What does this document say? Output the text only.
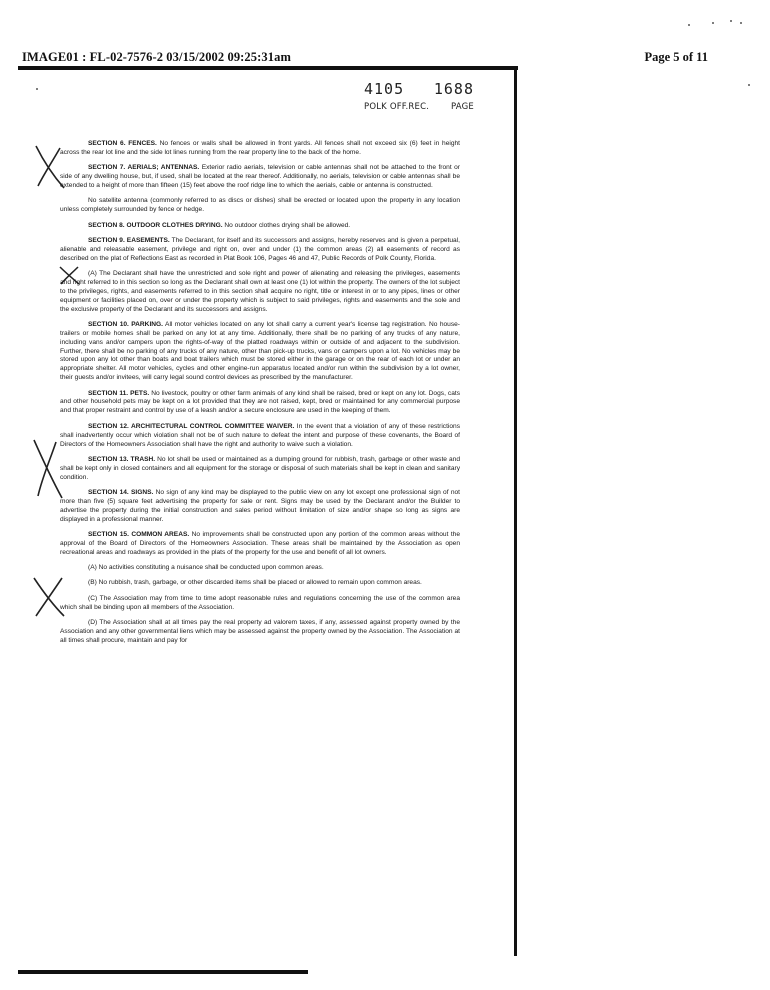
IMAGE01 : FL-02-7576-2 03/15/2002 09:25:31am	Page 5 of 11
4105 1688
POLK OFF.REC.	PAGE

SECTION 6. FENCES. No fences or walls shall be allowed in front yards. All fences shall not exceed six (6) feet in height across the rear lot line and the side lot lines running from the rear property line to the back of the home.

SECTION 7. AERIALS; ANTENNAS. Exterior radio aerials, television or cable antennas shall not be attached to the front or side of any dwelling house, but, if used, shall be located at the rear thereof. Additionally, no aerials, television or cable antennas shall be extended to a height of more than fifteen (15) feet above the roof ridge line to which the aerials, cable or antenna is constructed.

No satellite antenna (commonly referred to as discs or dishes) shall be erected or located upon the property in any location unless completely surrounded by fence or hedge.

SECTION 8. OUTDOOR CLOTHES DRYING. No outdoor clothes drying shall be allowed.

SECTION 9. EASEMENTS. The Declarant, for itself and its successors and assigns, hereby reserves and is given a perpetual, alienable and releasable easement, privilege and right on, over and under (1) the common areas (2) all easements of record as described on the plat of Reflections East as recorded in Plat Book 106, Pages 46 and 47, Public Records of Polk County, Florida.

(A) The Declarant shall have the unrestricted and sole right and power of alienating and releasing the privileges, easements and right referred to in this section so long as the Declarant shall own at least one (1) lot within the property. The owners of the lot subject to the privileges, rights, and easements referred to in this section shall acquire no right, title or interest in or to any pipes, lines or other equipment or facilities placed on, over or under the property which is subject to said privileges, rights and easements and the sole and the exclusive property of the Declarant and its successors and assigns.

SECTION 10. PARKING. All motor vehicles located on any lot shall carry a current year's license tag registration. No house-trailers or mobile homes shall be parked on any lot at any time. Additionally, there shall be no parking of any trucks of any nature, including vans and/or campers upon the rights-of-way of the platted roadways within or outside of and adjacent to the subdivision. Further, there shall be no parking of any trucks of any nature, other than pick-up trucks, vans or campers upon a lot. No vehicles may be stored upon any lot other than boats and boat trailers which must be stored either in the garage or on the rear of each lot or under an appropriate shelter. All motor vehicles, cycles and other engine-run apparatus located and/or run within the subdivision by a lot owner, their guests and/or invitees, will carry legal sound control devices as prescribed by the manufacturer.

SECTION 11. PETS. No livestock, poultry or other farm animals of any kind shall be raised, bred or kept on any lot. Dogs, cats and other household pets may be kept on a lot provided that they are not raised, kept, bred or maintained for any commercial purpose and that proper restraint and control by use of a leash and/or a secure enclosure are used in the keeping of them.

SECTION 12. ARCHITECTURAL CONTROL COMMITTEE WAIVER. In the event that a violation of any of these restrictions shall inadvertently occur which violation shall not be of such nature to defeat the intent and purpose of these covenants, the Board of Directors of the Homeowners Association shall have the right and authority to waive such a violation.

SECTION 13. TRASH. No lot shall be used or maintained as a dumping ground for rubbish, trash, garbage or other waste and shall be kept only in closed containers and all equipment for the storage or disposal of such materials shall be kept in clean and sanitary condition.

SECTION 14. SIGNS. No sign of any kind may be displayed to the public view on any lot except one professional sign of not more than five (5) square feet advertising the property for sale or rent. Signs may be used by the Declarant and/or the Builder to advertise the property during the initial construction and sales period without limitation of size and/or shape so long as signs are displayed in a professional manner.

SECTION 15. COMMON AREAS. No improvements shall be constructed upon any portion of the common areas without the approval of the Board of Directors of the Homeowners Association. These areas shall be maintained by the Association as open recreational areas and roadways as provided in the plats of the property for the use and benefit of all lot owners.

(A) No activities constituting a nuisance shall be conducted upon common areas.

(B) No rubbish, trash, garbage, or other discarded items shall be placed or allowed to remain upon common areas.

(C) The Association may from time to time adopt reasonable rules and regulations concerning the use of the common area which shall be binding upon all members of the Association.

(D) The Association shall at all times pay the real property ad valorem taxes, if any, assessed against property owned by the Association and any other governmental liens which may be assessed against the property owned by the Association. The Association at all times shall procure, maintain and pay for
